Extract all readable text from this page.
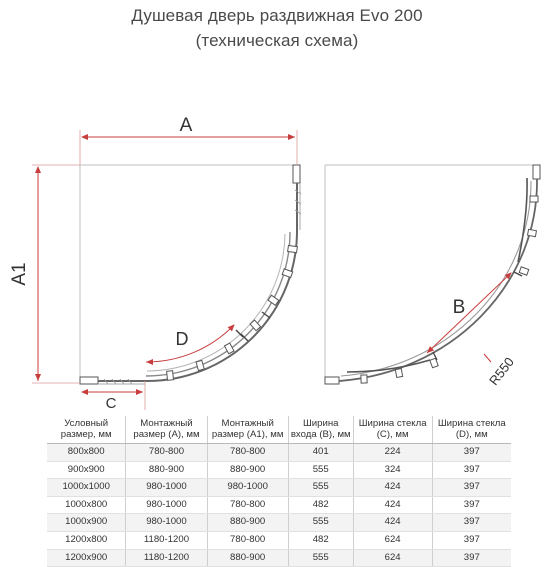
Душевая дверь раздвижная Evo 200
(техническая схема)
A
A1
C
D
B
R550
Условный размер, мм	Монтажный размер (А), мм	Монтажный размер (А1), мм	Ширина входа (В), мм	Ширина стекла (С), мм	Ширина стекла (D), мм
800x800	780-800	780-800	401	224	397
900x900	880-900	880-900	555	324	397
1000x1000	980-1000	980-1000	555	424	397
1000x800	980-1000	780-800	482	424	397
1000x900	980-1000	880-900	555	424	397
1200x800	1180-1200	780-800	482	624	397
1200x900	1180-1200	880-900	555	624	397
